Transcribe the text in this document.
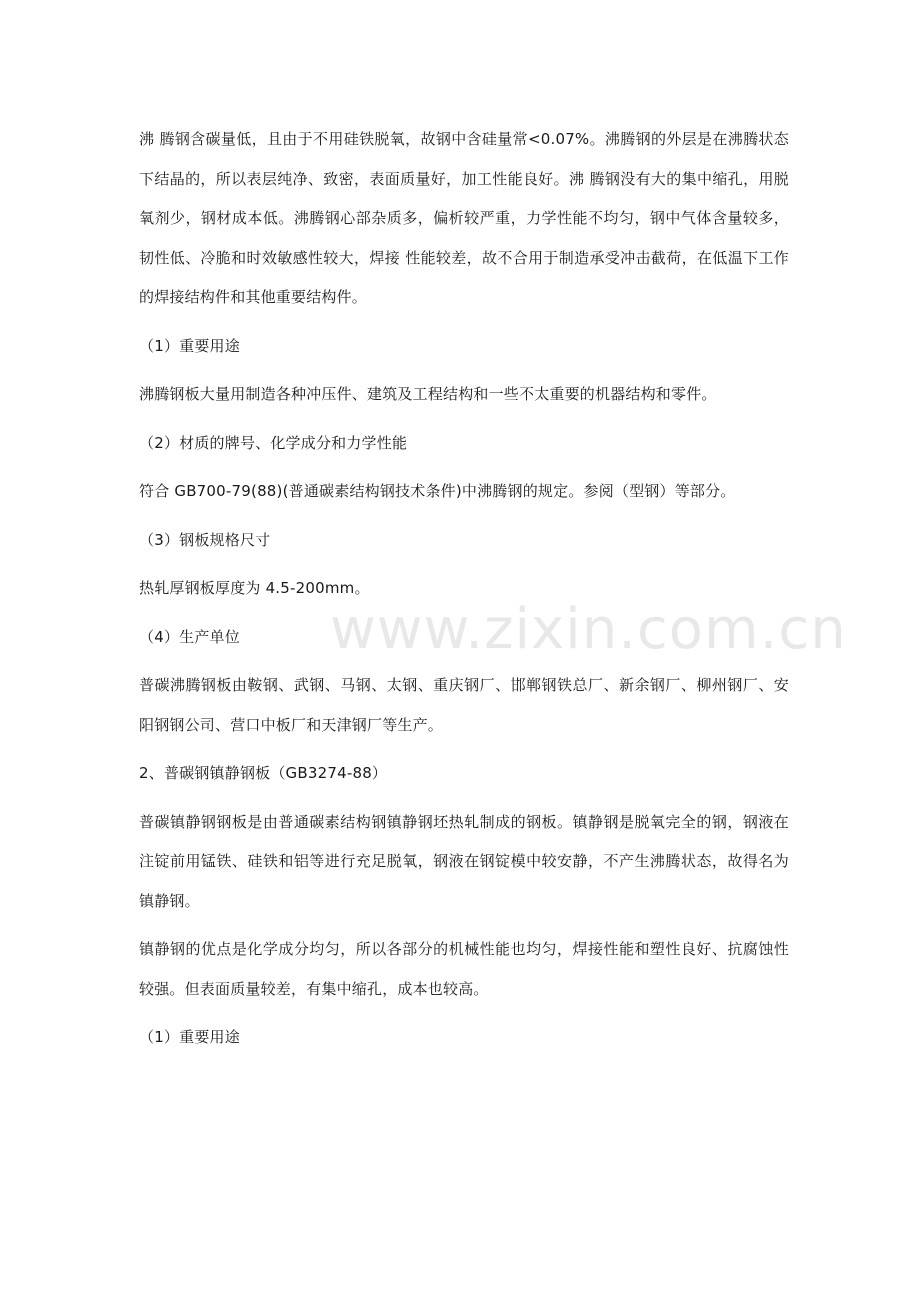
www.zixin.com.cn

沸 腾钢含碳量低，且由于不用硅铁脱氧，故钢中含硅量常<0.07%。沸腾钢的外层是在沸腾状态下结晶的，所以表层纯净、致密，表面质量好，加工性能良好。沸 腾钢没有大的集中缩孔，用脱氧剂少，钢材成本低。沸腾钢心部杂质多，偏析较严重，力学性能不均匀，钢中气体含量较多，韧性低、冷脆和时效敏感性较大，焊接 性能较差，故不合用于制造承受冲击截荷，在低温下工作的焊接结构件和其他重要结构件。

（1）重要用途

沸腾钢板大量用制造各种冲压件、建筑及工程结构和一些不太重要的机器结构和零件。

（2）材质的牌号、化学成分和力学性能

符合 GB700-79(88)(普通碳素结构钢技术条件)中沸腾钢的规定。参阅（型钢）等部分。

（3）钢板规格尺寸

热轧厚钢板厚度为 4.5-200mm。

（4）生产单位

普碳沸腾钢板由鞍钢、武钢、马钢、太钢、重庆钢厂、邯郸钢铁总厂、新余钢厂、柳州钢厂、安阳钢钢公司、营口中板厂和天津钢厂等生产。

2、普碳钢镇静钢板（GB3274-88）

普碳镇静钢钢板是由普通碳素结构钢镇静钢坯热轧制成的钢板。镇静钢是脱氧完全的钢，钢液在注锭前用锰铁、硅铁和铝等进行充足脱氧，钢液在钢锭模中较安静，不产生沸腾状态，故得名为镇静钢。

镇静钢的优点是化学成分均匀，所以各部分的机械性能也均匀，焊接性能和塑性良好、抗腐蚀性较强。但表面质量较差，有集中缩孔，成本也较高。

（1）重要用途
